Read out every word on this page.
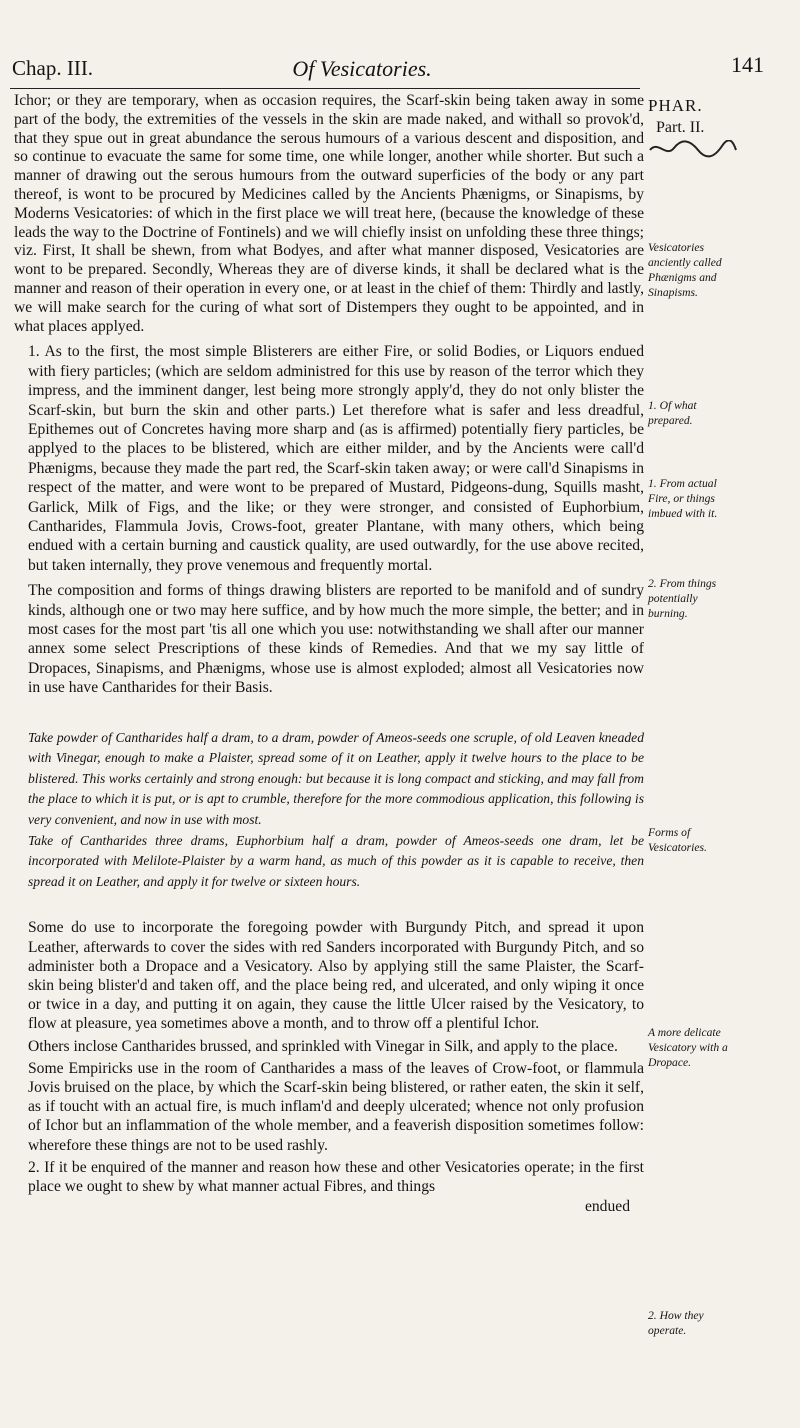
Chap. III.	Of Vesicatories.	141

Ichor; or they are temporary, when as occasion requires, the Scarf-skin being taken away in some part of the body, the extremities of the vessels in the skin are made naked, and withall so provok'd, that they spue out in great abundance the serous humours of a various descent and disposition, and so continue to evacuate the same for some time, one while longer, another while shorter. But such a manner of drawing out the serous humours from the outward superficies of the body or any part thereof, is wont to be procured by Medicines called by the Ancients Phænigms, or Sinapisms, by Moderns Vesicatories: of which in the first place we will treat here, (because the knowledge of these leads the way to the Doctrine of Fontinels) and we will chiefly insist on unfolding these three things; viz. First, It shall be shewn, from what Bodyes, and after what manner disposed, Vesicatories are wont to be prepared. Secondly, Whereas they are of diverse kinds, it shall be declared what is the manner and reason of their operation in every one, or at least in the chief of them: Thirdly and lastly, we will make search for the curing of what sort of Distempers they ought to be appointed, and in what places applyed.

1. As to the first, the most simple Blisterers are either Fire, or solid Bodies, or Liquors endued with fiery particles; (which are seldom administred for this use by reason of the terror which they impress, and the imminent danger, lest being more strongly apply'd, they do not only blister the Scarf-skin, but burn the skin and other parts.) Let therefore what is safer and less dreadful, Epithemes out of Concretes having more sharp and (as is affirmed) potentially fiery particles, be applyed to the places to be blistered, which are either milder, and by the Ancients were call'd Phænigms, because they made the part red, the Scarf-skin taken away; or were call'd Sinapisms in respect of the matter, and were wont to be prepared of Mustard, Pidgeons-dung, Squills masht, Garlick, Milk of Figs, and the like; or they were stronger, and consisted of Euphorbium, Cantharides, Flammula Jovis, Crows-foot, greater Plantane, with many others, which being endued with a certain burning and caustick quality, are used outwardly, for the use above recited, but taken internally, they prove venemous and frequently mortal.

The composition and forms of things drawing blisters are reported to be manifold and of sundry kinds, although one or two may here suffice, and by how much the more simple, the better; and in most cases for the most part 'tis all one which you use: notwithstanding we shall after our manner annex some select Prescriptions of these kinds of Remedies. And that we my say little of Dropaces, Sinapisms, and Phænigms, whose use is almost exploded; almost all Vesicatories now in use have Cantharides for their Basis.

Take powder of Cantharides half a dram, to a dram, powder of Ameos-seeds one scruple, of old Leaven kneaded with Vinegar, enough to make a Plaister, spread some of it on Leather, apply it twelve hours to the place to be blistered. This works certainly and strong enough: but because it is long compact and sticking, and may fall from the place to which it is put, or is apt to crumble, therefore for the more commodious application, this following is very convenient, and now in use with most.

Take of Cantharides three drams, Euphorbium half a dram, powder of Ameos-seeds one dram, let be incorporated with Melilote-Plaister by a warm hand, as much of this powder as it is capable to receive, then spread it on Leather, and apply it for twelve or sixteen hours.

Some do use to incorporate the foregoing powder with Burgundy Pitch, and spread it upon Leather, afterwards to cover the sides with red Sanders incorporated with Burgundy Pitch, and so administer both a Dropace and a Vesicatory. Also by applying still the same Plaister, the Scarf-skin being blister'd and taken off, and the place being red, and ulcerated, and only wiping it once or twice in a day, and putting it on again, they cause the little Ulcer raised by the Vesicatory, to flow at pleasure, yea sometimes above a month, and to throw off a plentiful Ichor.

Others inclose Cantharides brussed, and sprinkled with Vinegar in Silk, and apply to the place.

Some Empiricks use in the room of Cantharides a mass of the leaves of Crow-foot, or flammula Jovis bruised on the place, by which the Scarf-skin being blistered, or rather eaten, the skin it self, as if toucht with an actual fire, is much inflam'd and deeply ulcerated; whence not only profusion of Ichor but an inflammation of the whole member, and a feaverish disposition sometimes follow: wherefore these things are not to be used rashly.

2. If it be enquired of the manner and reason how these and other Vesicatories operate; in the first place we ought to shew by what manner actual Fibres, and things

endued
PHAR.
Part. II.
Vesicatories anciently called Phænigms and Sinapisms.
1. Of what prepared.
1. From actual Fire, or things imbued with it.
2. From things potentially burning.
Forms of Vesicatories.
A more delicate Vesicatory with a Dropace.
2. How they operate.
